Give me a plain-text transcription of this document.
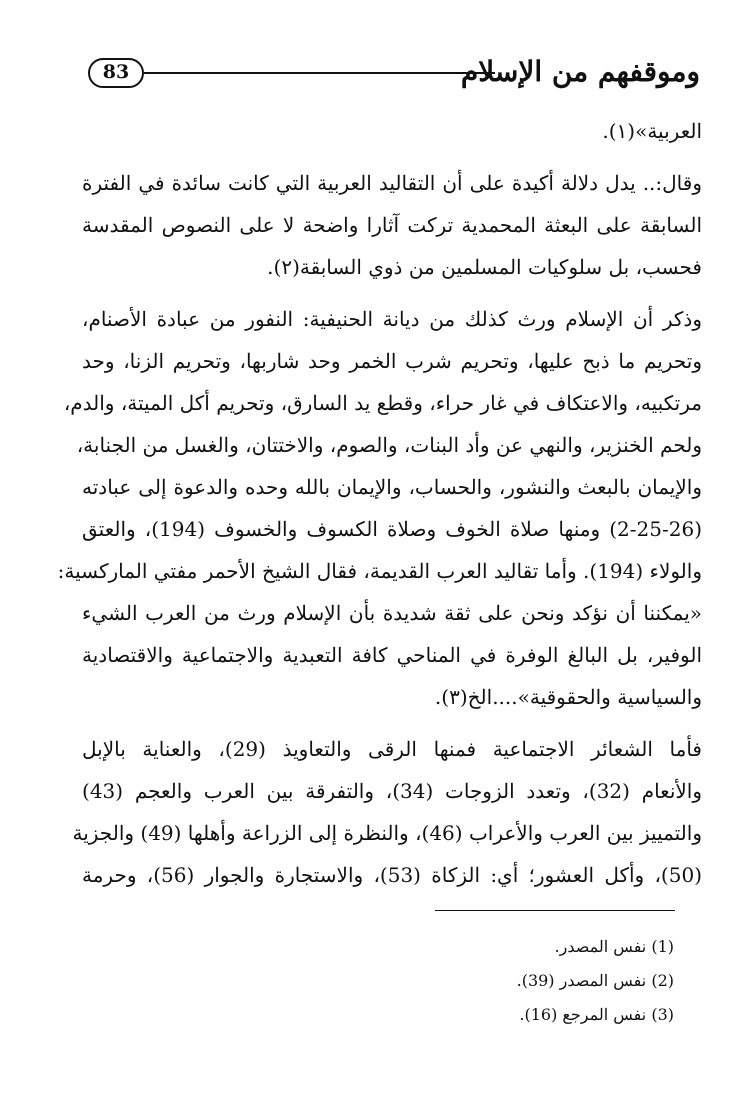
83	وموقفهم من الإسلام
العربية»(١).
وقال:.. يدل دلالة أكيدة على أن التقاليد العربية التي كانت سائدة في الفترة
السابقة على البعثة المحمدية تركت آثارا واضحة لا على النصوص المقدسة
فحسب، بل سلوكيات المسلمين من ذوي السابقة(٢).
وذكر أن الإسلام ورث كذلك من ديانة الحنيفية: النفور من عبادة الأصنام،
وتحريم ما ذبح عليها، وتحريم شرب الخمر وحد شاربها، وتحريم الزنا، وحد
مرتكبيه، والاعتكاف في غار حراء، وقطع يد السارق، وتحريم أكل الميتة، والدم،
ولحم الخنزير، والنهي عن وأد البنات، والصوم، والاختتان، والغسل من الجنابة،
والإيمان بالبعث والنشور، والحساب، والإيمان بالله وحده والدعوة إلى عبادته
(2-25-26) ومنها صلاة الخوف وصلاة الكسوف والخسوف (194)، والعتق
والولاء (194). وأما تقاليد العرب القديمة، فقال الشيخ الأحمر مفتي الماركسية:
«يمكننا أن نؤكد ونحن على ثقة شديدة بأن الإسلام ورث من العرب الشيء
الوفير، بل البالغ الوفرة في المناحي كافة التعبدية والاجتماعية والاقتصادية
والسياسية والحقوقية»....الخ(٣).
فأما الشعائر الاجتماعية فمنها الرقى والتعاويذ (29)، والعناية بالإبل
والأنعام (32)، وتعدد الزوجات (34)، والتفرقة بين العرب والعجم (43)
والتمييز بين العرب والأعراب (46)، والنظرة إلى الزراعة وأهلها (49) والجزية
(50)، وأكل العشور؛ أي: الزكاة (53)، والاستجارة والجوار (56)، وحرمة
(1) نفس المصدر.
(2) نفس المصدر (39).
(3) نفس المرجع (16).
